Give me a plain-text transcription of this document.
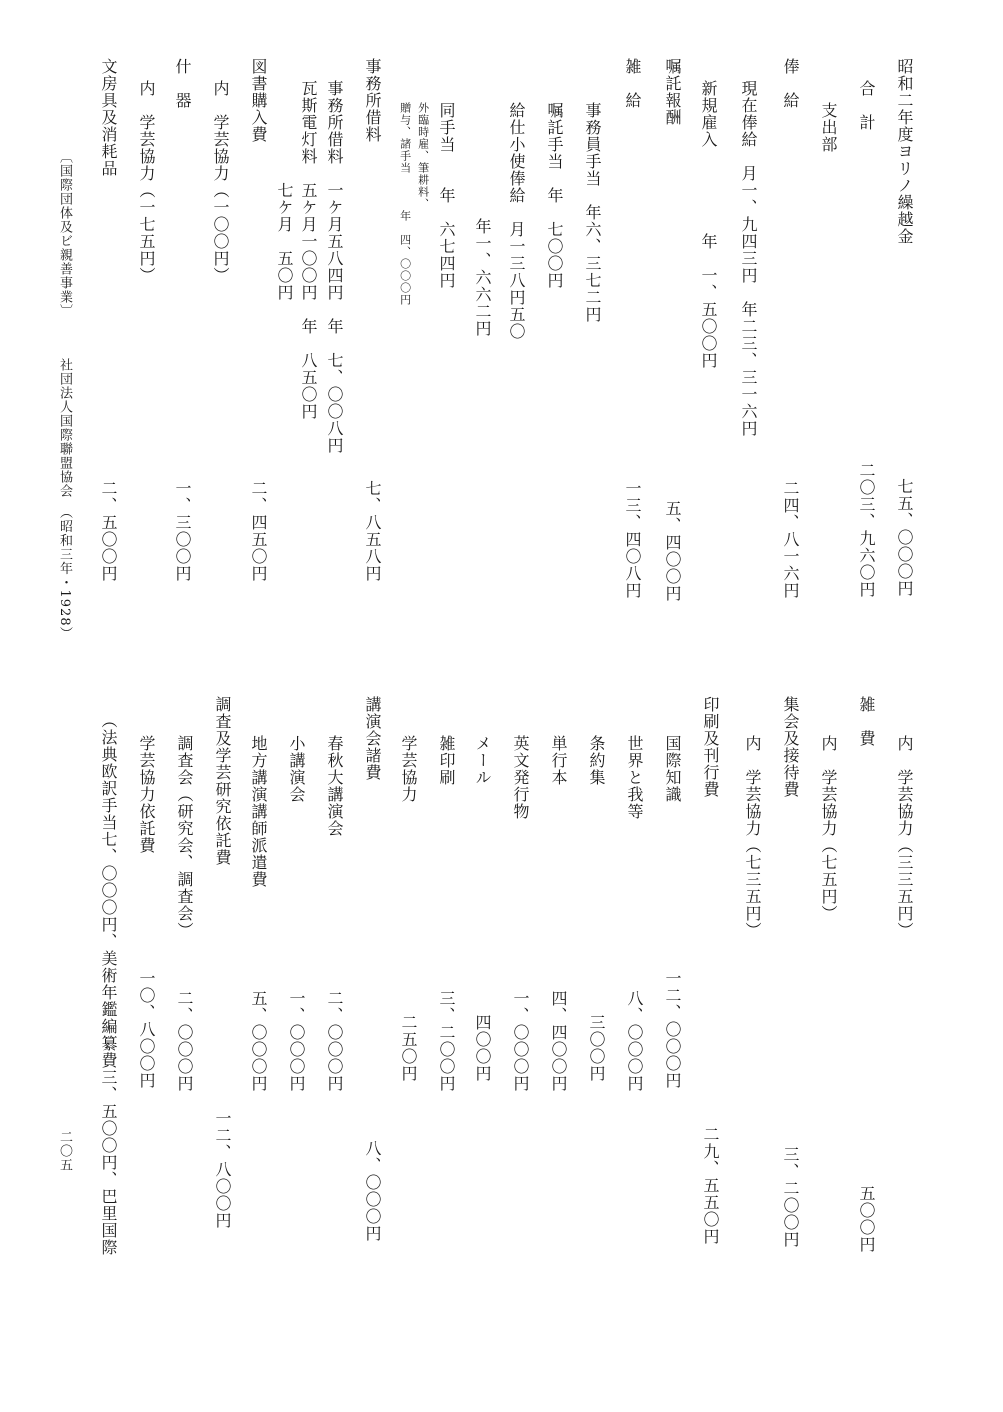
昭和二年度ヨリノ繰越金
七五、〇〇〇円
合　計
二〇三、九六〇円
支出部
俸　給
二四、八一六円
現在俸給　月一、九四三円　年二三、三一六円
新規雇入　　　　　年　一、五〇〇円
嘱託報酬
五、四〇〇円
雑　給
一三、四〇八円
事務員手当　年六、三七二円
嘱託手当　年　七〇〇円
給仕小使俸給　月一三八円五〇
年一、六六二円
同手当　　年　六七四円
外臨時雇、筆耕料、
贈与、諸手当　　　年　四、〇〇〇円
事務所借料
七、八五八円
事務所借料　一ケ月五八四円　年　七、〇〇八円
瓦斯電灯料　五ケ月一〇〇円　年　八五〇円
七ケ月　五〇円
図書購入費
二、四五〇円
内　学芸協力（一〇〇円）
什　器
一、三〇〇円
内　学芸協力（一七五円）
文房具及消耗品
二、五〇〇円
内　学芸協力（三三五円）
雑　費
五〇〇円
内　学芸協力（七五円）
集会及接待費
三、二〇〇円
内　学芸協力（七三五円）
印刷及刊行費
二九、五五〇円
国際知識
一二、〇〇〇円
世界と我等
八、〇〇〇円
条約集
三〇〇円
単行本
四、四〇〇円
英文発行物
一、〇〇〇円
メール
四〇〇円
雑印刷
三、二〇〇円
学芸協力
二五〇円
講演会諸費
八、〇〇〇円
春秋大講演会
二、〇〇〇円
小講演会
一、〇〇〇円
地方講演講師派遣費
五、〇〇〇円
調査及学芸研究依託費
一二、八〇〇円
調査会（研究会、調査会）
二、〇〇〇円
学芸協力依託費
一〇、八〇〇円
（法典欧訳手当七、〇〇〇円、美術年鑑編纂費三、五〇〇円、巴里国際
〔国際団体及ビ親善事業〕
社団法人国際聯盟協会　（昭和三年・1928）
二〇五
